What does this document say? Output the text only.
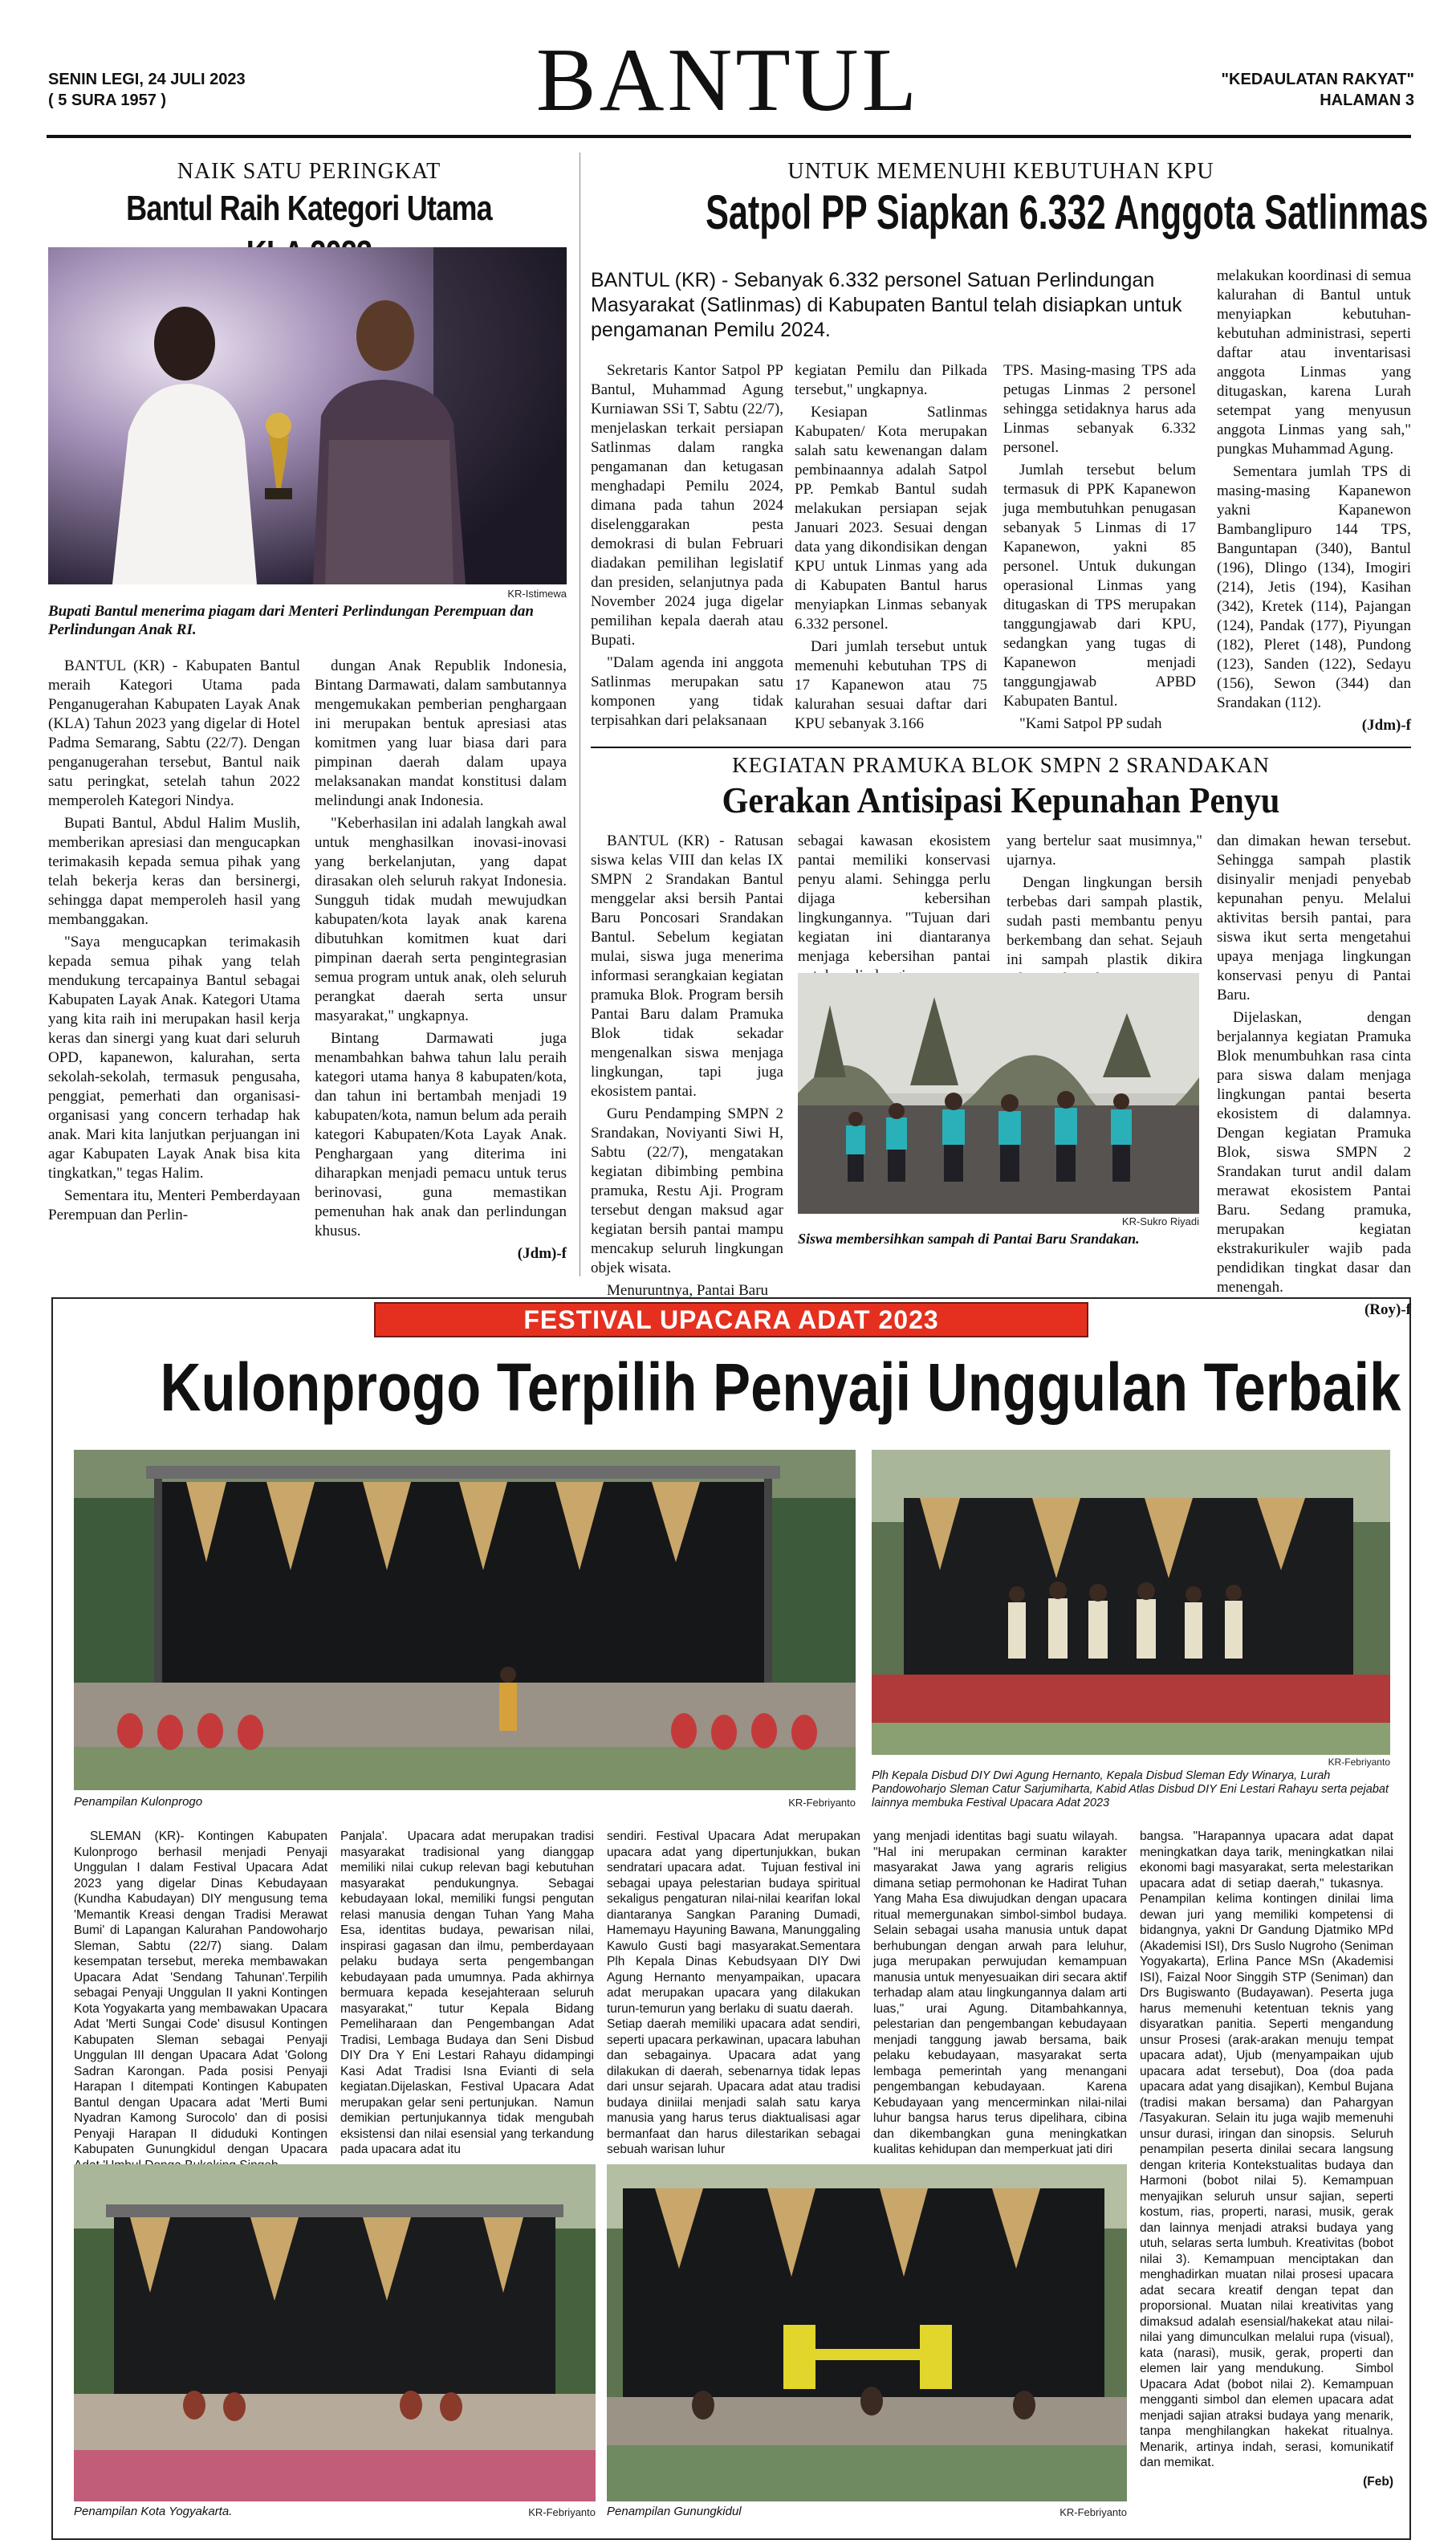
SENIN LEGI, 24 JULI 2023
( 5 SURA 1957 )	BANTUL	"KEDAULATAN RAKYAT"
HALAMAN 3
NAIK SATU PERINGKAT
Bantul Raih Kategori Utama
KR-Istimewa
Bupati Bantul menerima piagam dari Menteri Perlindungan Perempuan dan Perlindungan Anak RI.

BANTUL (KR) - Kabupaten Bantul meraih Kategori Utama pada Penganugerahan Kabupaten Layak Anak (KLA) Tahun 2023 yang digelar di Hotel Padma Semarang, Sabtu (22/7). Dengan penganugerahan tersebut, Bantul naik satu peringkat, setelah tahun 2022 memperoleh Kategori Nindya.

Bupati Bantul, Abdul Halim Muslih, memberikan apresiasi dan mengucapkan terimakasih kepada semua pihak yang telah bekerja keras dan bersinergi, sehingga dapat memperoleh hasil yang membanggakan.

"Saya mengucapkan terimakasih kepada semua pihak yang telah mendukung tercapainya Bantul sebagai Kabupaten Layak Anak. Kategori Utama yang kita raih ini merupakan hasil kerja keras dan sinergi yang kuat dari seluruh OPD, kapanewon, kalurahan, serta sekolah-sekolah, termasuk pengusaha, penggiat, pemerhati dan organisasi-organisasi yang concern terhadap hak anak. Mari kita lanjutkan perjuangan ini agar Kabupaten Layak Anak bisa kita tingkatkan," tegas Halim.

Sementara itu, Menteri Pemberdayaan Perempuan dan Perlin-

dungan Anak Republik Indonesia, Bintang Darmawati, dalam sambutannya mengemukakan pemberian penghargaan ini merupakan bentuk apresiasi atas komitmen yang luar biasa dari para pimpinan daerah dalam upaya melaksanakan mandat konstitusi dalam melindungi anak Indonesia.

"Keberhasilan ini adalah langkah awal untuk menghasilkan inovasi-inovasi yang berkelanjutan, yang dapat dirasakan oleh seluruh rakyat Indonesia. Sungguh tidak mudah mewujudkan kabupaten/kota layak anak karena dibutuhkan komitmen kuat dari pimpinan daerah serta pengintegrasian semua program untuk anak, oleh seluruh perangkat daerah serta unsur masyarakat," ungkapnya.

Bintang Darmawati juga menambahkan bahwa tahun lalu peraih kategori utama hanya 8 kabupaten/kota, dan tahun ini bertambah menjadi 19 kabupaten/kota, namun belum ada peraih kategori Kabupaten/Kota Layak Anak. Penghargaan yang diterima ini diharapkan menjadi pemacu untuk terus berinovasi, guna memastikan pemenuhan hak anak dan perlindungan khusus.

(Jdm)-f

UNTUK MEMENUHI KEBUTUHAN KPU
Satpol PP Siapkan 6.332 Anggota Satlinmas
BANTUL (KR) - Sebanyak 6.332 personel Satuan Perlindungan Masyarakat (Satlinmas) di Kabupaten Bantul telah disiapkan untuk pengamanan Pemilu 2024.

Sekretaris Kantor Satpol PP Bantul, Muhammad Agung Kurniawan SSi T, Sabtu (22/7), menjelaskan terkait persiapan Satlinmas dalam rangka pengamanan dan ketugasan menghadapi Pemilu 2024, dimana pada tahun 2024 diselenggarakan pesta demokrasi di bulan Februari diadakan pemilihan legislatif dan presiden, selanjutnya pada November 2024 juga digelar pemilihan kepala daerah atau Bupati.

"Dalam agenda ini anggota Satlinmas merupakan satu komponen yang tidak terpisahkan dari pelaksanaan

kegiatan Pemilu dan Pilkada tersebut," ungkapnya.

Kesiapan Satlinmas Kabupaten/ Kota merupakan salah satu kewenangan dalam pembinaannya adalah Satpol PP. Pemkab Bantul sudah melakukan persiapan sejak Januari 2023. Sesuai dengan data yang dikondisikan dengan KPU untuk Linmas yang ada di Kabupaten Bantul harus menyiapkan Linmas sebanyak 6.332 personel.

Dari jumlah tersebut untuk memenuhi kebutuhan TPS di 17 Kapanewon atau 75 kalurahan sesuai daftar dari KPU sebanyak 3.166

TPS. Masing-masing TPS ada petugas Linmas 2 personel sehingga setidaknya harus ada Linmas sebanyak 6.332 personel.

Jumlah tersebut belum termasuk di PPK Kapanewon juga membutuhkan penugasan sebanyak 5 Linmas di 17 Kapanewon, yakni 85 personel. Untuk dukungan operasional Linmas yang ditugaskan di TPS merupakan tanggungjawab dari KPU, sedangkan yang tugas di Kapanewon menjadi tanggungjawab APBD Kabupaten Bantul.

"Kami Satpol PP sudah

melakukan koordinasi di semua kalurahan di Bantul untuk menyiapkan kebutuhan-kebutuhan administrasi, seperti daftar atau inventarisasi anggota Linmas yang ditugaskan, karena Lurah setempat yang menyusun anggota Linmas yang sah," pungkas Muhammad Agung.

Sementara jumlah TPS di masing-masing Kapanewon yakni Kapanewon Bambanglipuro 144 TPS, Banguntapan (340), Bantul (196), Dlingo (134), Imogiri (214), Jetis (194), Kasihan (342), Kretek (114), Pajangan (124), Pandak (177), Piyungan (182), Pleret (148), Pundong (123), Sanden (122), Sedayu (156), Sewon (344) dan Srandakan (112).

(Jdm)-f

KEGIATAN PRAMUKA BLOK SMPN 2 SRANDAKAN
Gerakan Antisipasi Kepunahan Penyu

BANTUL (KR) - Ratusan siswa kelas VIII dan kelas IX SMPN 2 Srandakan Bantul menggelar aksi bersih Pantai Baru Poncosari Srandakan Bantul. Sebelum kegiatan mulai, siswa juga menerima informasi serangkaian kegiatan pramuka Blok. Program bersih Pantai Baru dalam Pramuka Blok tidak sekadar mengenalkan siswa menjaga lingkungan, tapi juga ekosistem pantai.

Guru Pendamping SMPN 2 Srandakan, Noviyanti Siwi H, Sabtu (22/7), mengatakan kegiatan dibimbing pembina pramuka, Restu Aji. Program tersebut dengan maksud agar kegiatan bersih pantai mampu mencakup seluruh lingkungan objek wisata.

Menuruntnya, Pantai Baru

sebagai kawasan ekosistem pantai memiliki konservasi penyu alami. Sehingga perlu dijaga kebersihan lingkungannya. "Tujuan dari kegiatan ini diantaranya menjaga kebersihan pantai

yang bertelur saat musimnya," ujarnya.

Dengan lingkungan bersih terbebas dari sampah plastik, sudah pasti membantu penyu berkembang dan sehat. Sejauh ini sampah plastik dikira

KR-Sukro Riyadi
Siswa membersihkan sampah di Pantai Baru Srandakan.

dan dimakan hewan tersebut. Sehingga sampah plastik disinyalir menjadi penyebab kepunahan penyu. Melalui aktivitas bersih pantai, para siswa ikut serta mengetahui upaya menjaga lingkungan konservasi penyu di Pantai Baru.

Dijelaskan, dengan berjalannya kegiatan Pramuka Blok menumbuhkan rasa cinta para siswa dalam menjaga lingkungan pantai beserta ekosistem di dalamnya. Dengan kegiatan Pramuka Blok, siswa SMPN 2 Srandakan turut andil dalam merawat ekosistem Pantai Baru. Sedang pramuka, merupakan kegiatan ekstrakurikuler wajib pada pendidikan tingkat dasar dan menengah.

(Roy)-f

FESTIVAL UPACARA ADAT 2023
Kulonprogo Terpilih Penyaji Unggulan Terbaik
Penampilan Kulonprogo	KR-Febriyanto
KR-Febriyanto
Plh Kepala Disbud DIY Dwi Agung Hernanto, Kepala Disbud Sleman Edy Winarya, Lurah Pandowoharjo Sleman Catur Sarjumiharta, Kabid Atlas Disbud DIY Eni Lestari Rahayu serta pejabat lainnya membuka Festival Upacara Adat 2023

SLEMAN (KR)- Kontingen Kabupaten Kulonprogo berhasil menjadi Penyaji Unggulan I dalam Festival Upacara Adat 2023 yang digelar Dinas Kebudayaan (Kundha Kabudayan) DIY mengusung tema 'Memantik Kreasi dengan Tradisi Merawat Bumi' di Lapangan Kalurahan Pandowoharjo Sleman, Sabtu (22/7) siang. Dalam kesempatan tersebut, mereka membawakan Upacara Adat 'Sendang Tahunan'.Terpilih sebagai Penyaji Unggulan II yakni Kontingen Kota Yogyakarta yang membawakan Upacara Adat 'Merti Sungai Code' disusul Kontingen Kabupaten Sleman sebagai Penyaji Unggulan III dengan Upacara Adat 'Golong Sadran Karongan. Pada posisi Penyaji Harapan I ditempati Kontingen Kabupaten Bantul dengan Upacara adat 'Merti Bumi Nyadran Kamong Surocolo' dan di posisi Penyaji Harapan II diduduki Kontingen Kabupaten Gunungkidul dengan Upacara

Panjala'.   Upacara adat merupakan tradisi masyarakat tradisional yang dianggap memiliki nilai cukup relevan bagi kebutuhan masyarakat pendukungnya. Sebagai kebudayaan lokal, memiliki fungsi pengutan relasi manusia dengan Tuhan Yang Maha Esa, identitas budaya, pewarisan nilai, inspirasi gagasan dan ilmu, pemberdayaan pelaku budaya serta pengembangan kebudayaan pada umumnya. Pada akhirnya bermuara kepada kesejahteraan seluruh masyarakat," tutur Kepala Bidang Pemeliharaan dan Pengembangan Adat Tradisi, Lembaga Budaya dan Seni Disbud DIY Dra Y Eni Lestari Rahayu didampingi Kasi Adat Tradisi Isna Evianti di sela kegiatan.Dijelaskan, Festival Upacara Adat merupakan gelar seni pertunjukan.   Namun demikian pertunjukannya tidak mengubah eksistensi dan nilai esensial yang terkandung pada upacara adat itu

sendiri. Festival Upacara Adat merupakan upacara adat yang dipertunjukkan, bukan sendratari upacara adat.   Tujuan festival ini sebagai upaya pelestarian budaya spiritual sekaligus pengaturan nilai-nilai kearifan lokal diantaranya Sangkan Paraning Dumadi, Hamemayu Hayuning Bawana, Manunggaling Kawulo Gusti bagi masyarakat.Sementara Plh Kepala Dinas Kebudsyaan DIY Dwi Agung Hernanto menyampaikan, upacara adat merupakan upacara yang dilakukan turun-temurun yang berlaku di suatu daerah.   Setiap daerah memiliki upacara adat sendiri, seperti upacara perkawinan, upacara labuhan dan sebagainya. Upacara adat yang dilakukan di daerah, sebenarnya tidak lepas dari unsur sejarah. Upacara adat atau tradisi budaya diniilai menjadi salah satu karya manusia yang harus terus diaktualisasi agar bermanfaat dan harus dilestarikan sebagai sebuah warisan luhur

yang menjadi identitas bagi suatu wilayah.   "Hal ini merupakan cerminan karakter masyarakat Jawa yang agraris religius dimana setiap permohonan ke Hadirat Tuhan Yang Maha Esa diwujudkan dengan upacara ritual memergunakan simbol-simbol budaya. Selain sebagai usaha manusia untuk dapat berhubungan dengan arwah para leluhur, juga merupakan perwujudan kemampuan manusia untuk menyesuaikan diri secara aktif terhadap alam atau lingkungannya dalam arti luas," urai Agung. Ditambahkannya, pelestarian dan pengembangan kebudayaan menjadi tanggung jawab bersama, baik pelaku kebudayaan, masyarakat serta lembaga pemerintah yang menangani pengembangan kebudayaan.   Karena Kebudayaan yang mencerminkan nilai-nilai luhur bangsa harus terus dipelihara, cibina dan dikembangkan guna meningkatkan kualitas kehidupan dan memperkuat jati diri

bangsa. "Harapannya upacara adat dapat meningkatkan daya tarik, meningkatkan nilai ekonomi bagi masyarakat, serta melestarikan upacara adat di setiap daerah," tukasnya.   Penampilan kelima kontingen dinilai lima dewan juri yang memiliki kompetensi di bidangnya, yakni Dr Gandung Djatmiko MPd (Akademisi ISI), Drs Suslo Nugroho (Seniman Yogyakarta), Erlina Pance MSn (Akademisi ISI), Faizal Noor Singgih STP (Seniman) dan Drs Bugiswanto (Budayawan). Peserta juga harus memenuhi ketentuan teknis yang disyaratkan panitia. Seperti mengandung unsur Prosesi (arak-arakan menuju tempat upacara adat), Ujub (menyampaikan ujub upacara adat tersebut), Doa (doa pada upacara adat yang disajikan), Kembul Bujana (tradisi makan bersama) dan Pahargyan /Tasyakuran. Selain itu juga wajib memenuhi unsur durasi, iringan dan sinopsis.   Seluruh penampilan peserta dinilai secara langsung dengan kriteria Kontekstualitas budaya dan Harmoni (bobot nilai 5). Kemampuan menyajikan seluruh unsur sajian, seperti kostum, rias, properti, narasi, musik, gerak dan lainnya menjadi atraksi budaya yang utuh, selaras serta lumbuh. Kreativitas (bobot nilai 3). Kemampuan menciptakan dan menghadirkan muatan nilai prosesi upacara adat secara kreatif dengan tepat dan proporsional. Muatan nilai kreativitas yang dimaksud adalah esensial/hakekat atau nilai-nilai yang dimunculkan melalui rupa (visual), kata (narasi), musik, gerak, properti dan elemen lair yang mendukung.   Simbol Upacara Adat (bobot nilai 2). Kemampuan mengganti simbol dan elemen upacara adat menjadi sajian atraksi budaya yang menarik, tanpa menghilangkan hakekat ritualnya. Menarik, artinya indah, serasi, komunikatif dan memikat.

(Feb)

Penampilan Kota Yogyakarta.	KR-Febriyanto Penampilan Gunungkidul	KR-Febriyanto
